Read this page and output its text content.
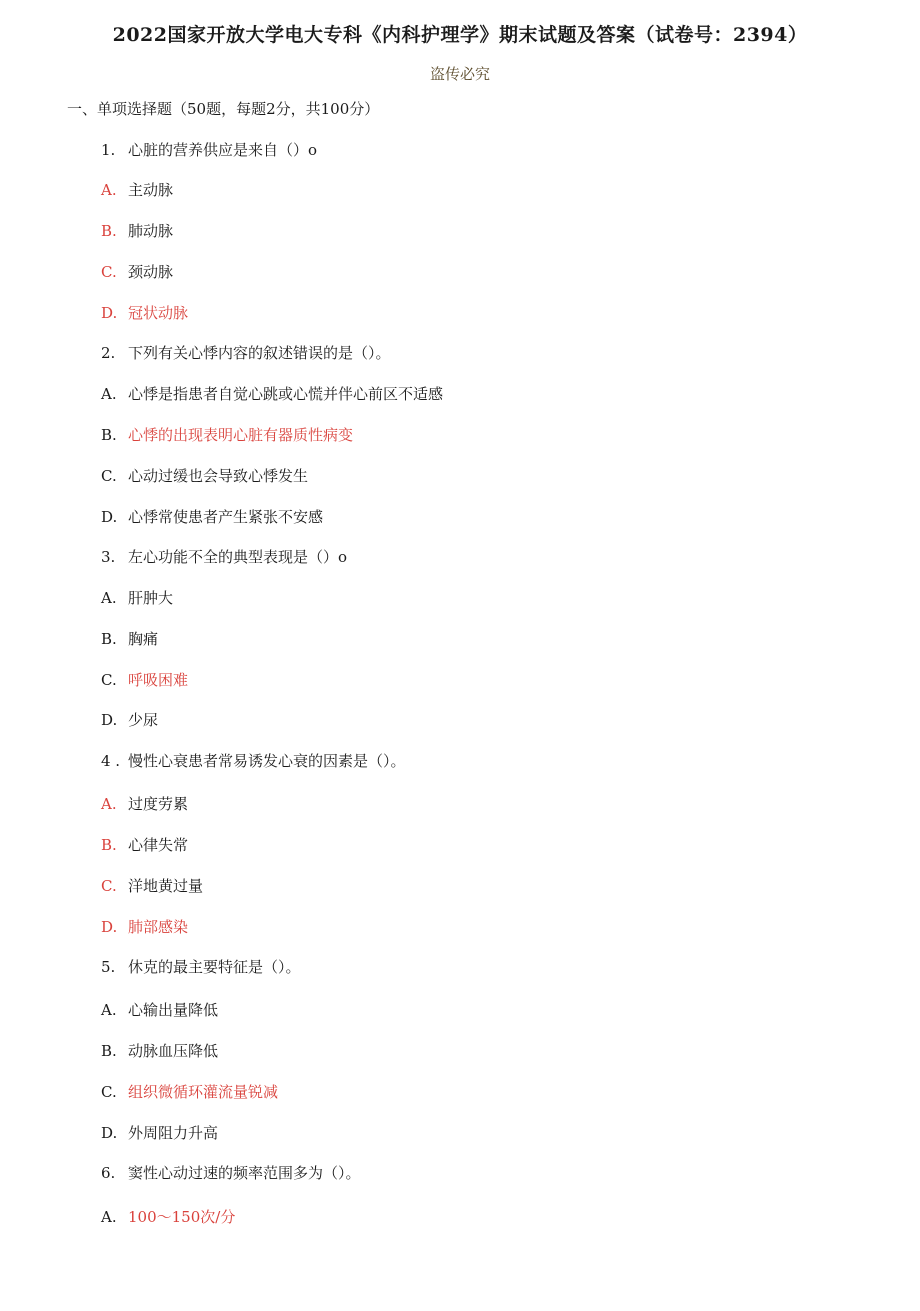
2022国家开放大学电大专科《内科护理学》期末试题及答案（试卷号：2394）
盗传必究
一、单项选择题（50题，每题2分，共100分）
1. 心脏的营养供应是来自（）o
A. 主动脉
B. 肺动脉
C. 颈动脉
D. 冠状动脉
2. 下列有关心悸内容的叙述错误的是（）。
A. 心悸是指患者自觉心跳或心慌并伴心前区不适感
B. 心悸的出现表明心脏有器质性病变
C. 心动过缓也会导致心悸发生
D. 心悸常使患者产生紧张不安感
3. 左心功能不全的典型表现是（）o
A. 肝肿大
B. 胸痛
C. 呼吸困难
D. 少尿
4 . 慢性心衰患者常易诱发心衰的因素是（）。
A. 过度劳累
B. 心律失常
C. 洋地黄过量
D. 肺部感染
5. 休克的最主要特征是（）。
A. 心输出量降低
B. 动脉血压降低
C. 组织微循环灌流量锐减
D. 外周阻力升高
6. 窦性心动过速的频率范围多为（）。
A. 100〜150次/分
